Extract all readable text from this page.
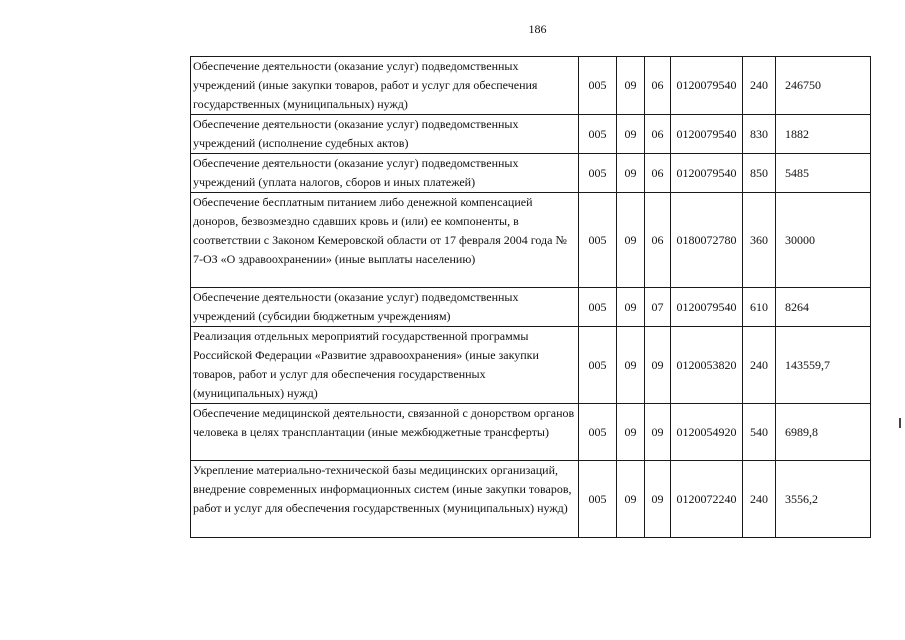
186
Обеспечение деятельности (оказание услуг) подведомственных учреждений (иные закупки товаров, работ и услуг для обеспечения государственных (муниципальных) нужд)	005	09	06	0120079540	240	246750
Обеспечение деятельности (оказание услуг) подведомственных учреждений (исполнение судебных актов)	005	09	06	0120079540	830	1882
Обеспечение деятельности (оказание услуг) подведомственных учреждений (уплата налогов, сборов и иных платежей)	005	09	06	0120079540	850	5485
Обеспечение бесплатным питанием либо денежной компенсацией доноров, безвозмездно сдавших кровь и (или) ее компоненты, в соответствии с Законом Кемеровской области от 17 февраля 2004 года № 7-ОЗ «О здравоохранении» (иные выплаты населению)	005	09	06	0180072780	360	30000
Обеспечение деятельности (оказание услуг) подведомственных учреждений (субсидии бюджетным учреждениям)	005	09	07	0120079540	610	8264
Реализация отдельных мероприятий государственной программы Российской Федерации «Развитие здравоохранения» (иные закупки товаров, работ и услуг для обеспечения государственных (муниципальных) нужд)	005	09	09	0120053820	240	143559,7
Обеспечение медицинской деятельности, связанной с донорством органов человека в целях трансплантации (иные межбюджетные трансферты)	005	09	09	0120054920	540	6989,8
Укрепление материально-технической базы медицинских организаций, внедрение современных информационных систем (иные закупки товаров, работ и услуг для обеспечения государственных (муниципальных) нужд)	005	09	09	0120072240	240	3556,2
